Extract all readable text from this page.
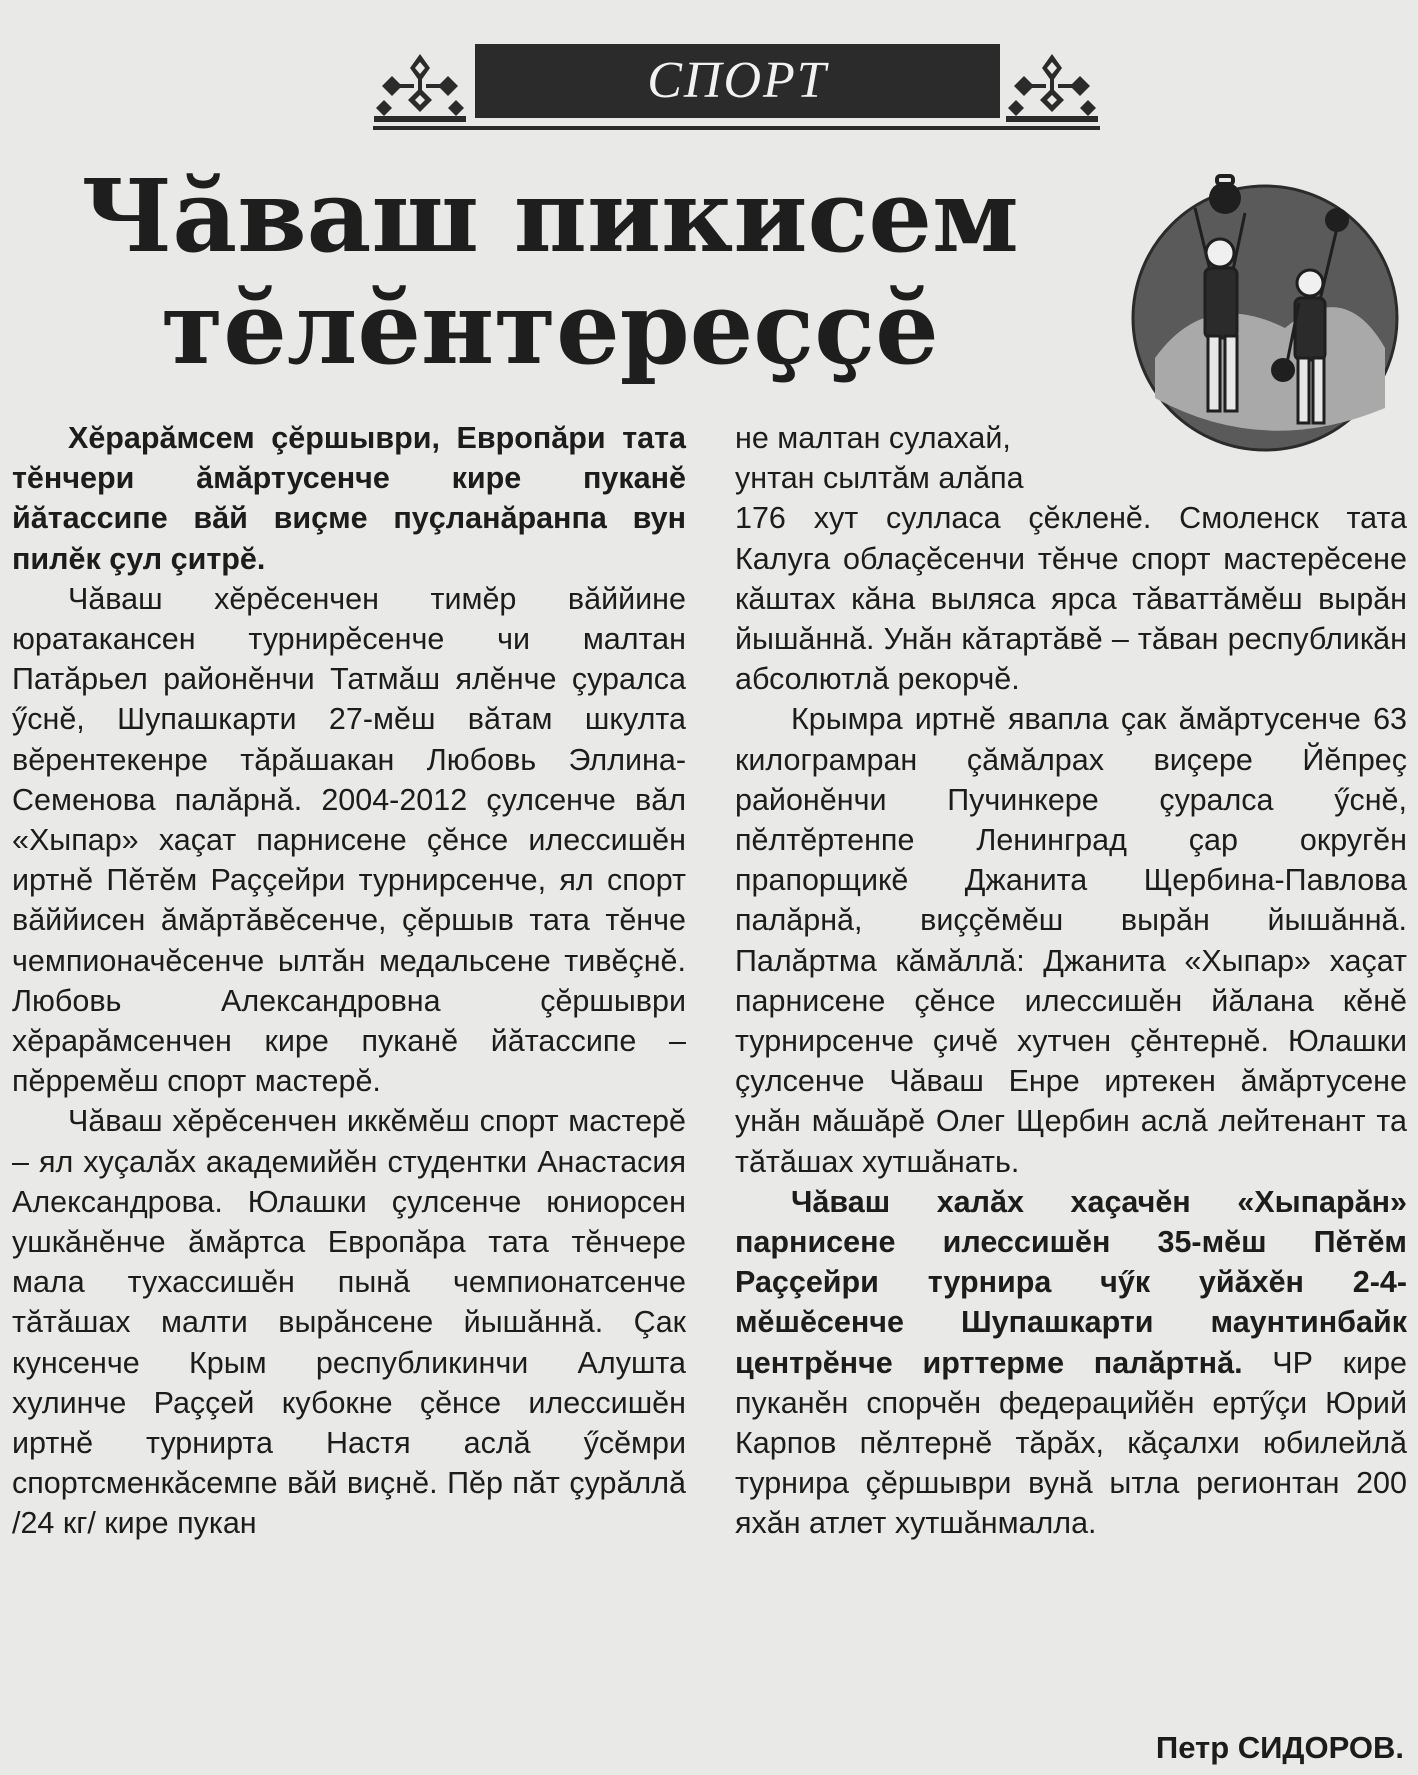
СПОРТ
Чăваш пикисем
тĕлĕнтереççĕ

Хĕрарăмсем çĕршыври, Европăри тата тĕнчери ăмăртусенче кире пуканĕ йăтассипе вăй виçме пуçланăранпа вун пилĕк çул çитрĕ.

Чăваш хĕрĕсенчен тимĕр вăййине юратакансен турнирĕсенче чи малтан Патăрьел районĕнчи Татмăш ялĕнче çуралса ӳснĕ, Шупашкарти 27-мĕш вăтам шкулта вĕрентекенре тăрăшакан Любовь Эллина-Семенова палăрнă. 2004-2012 çулсенче вăл «Хыпар» хаçат парнисене çĕнсе илессишĕн иртнĕ Пĕтĕм Раççейри турнирсенче, ял спорт вăййисен ăмăртăвĕсенче, çĕршыв тата тĕнче чемпионачĕсенче ылтăн медальсене тивĕçнĕ. Любовь Александровна çĕршыври хĕрарăмсенчен кире пуканĕ йăтассипе – пĕрремĕш спорт мастерĕ.

Чăваш хĕрĕсенчен иккĕмĕш спорт мастерĕ – ял хуçалăх академийĕн студентки Анастасия Александрова. Юлашки çулсенче юниорсен ушкăнĕнче ăмăртса Европăра тата тĕнчере мала тухассишĕн пынă чемпионатсенче тăтăшах малти вырăнсене йышăннă. Çак кунсенче Крым республикинчи Алушта хулинче Раççей кубокне çĕнсе илессишĕн иртнĕ турнирта Настя аслă ӳсĕмри спортсменкăсемпе вăй виçнĕ. Пĕр пăт çурăллă /24 кг/ кире пукан

не малтан сулахай,

унтан сылтăм алăпа

176 хут сулласа çĕкленĕ. Смоленск тата Калуга облаçĕсенчи тĕнче спорт мастерĕсене кăштах кăна выляса ярса тăваттăмĕш вырăн йышăннă. Унăн кăтартăвĕ – тăван республикăн абсолютлă рекорчĕ.

Крымра иртнĕ явапла çак ăмăртусенче 63 килограмран çăмăлрах виçере Йĕпреç районĕнчи Пучинкере çуралса ӳснĕ, пĕлтĕртенпе Ленинград çар округĕн прапорщикĕ Джанита Щербина-Павлова палăрнă, виççĕмĕш вырăн йышăннă. Палăртма кăмăллă: Джанита «Хыпар» хаçат парнисене çĕнсе илессишĕн йăлана кĕнĕ турнирсенче çичĕ хутчен çĕнтернĕ. Юлашки çулсенче Чăваш Енре иртекен ăмăртусене унăн мăшăрĕ Олег Щербин аслă лейтенант та тăтăшах хутшăнать.

Чăваш халăх хаçачĕн «Хыпарăн» парнисене илессишĕн 35-мĕш Пĕтĕм Раççейри турнира чӳк уйăхĕн 2-4-мĕшĕсенче Шупашкарти маунтинбайк центрĕнче ирттерме палăртнă. ЧР кире пуканĕн спорчĕн федерацийĕн ертӳçи Юрий Карпов пĕлтернĕ тăрăх, кăçалхи юбилейлă турнира çĕршыври вунă ытла регионтан 200 яхăн атлет хутшăнмалла.

Петр СИДОРОВ.
